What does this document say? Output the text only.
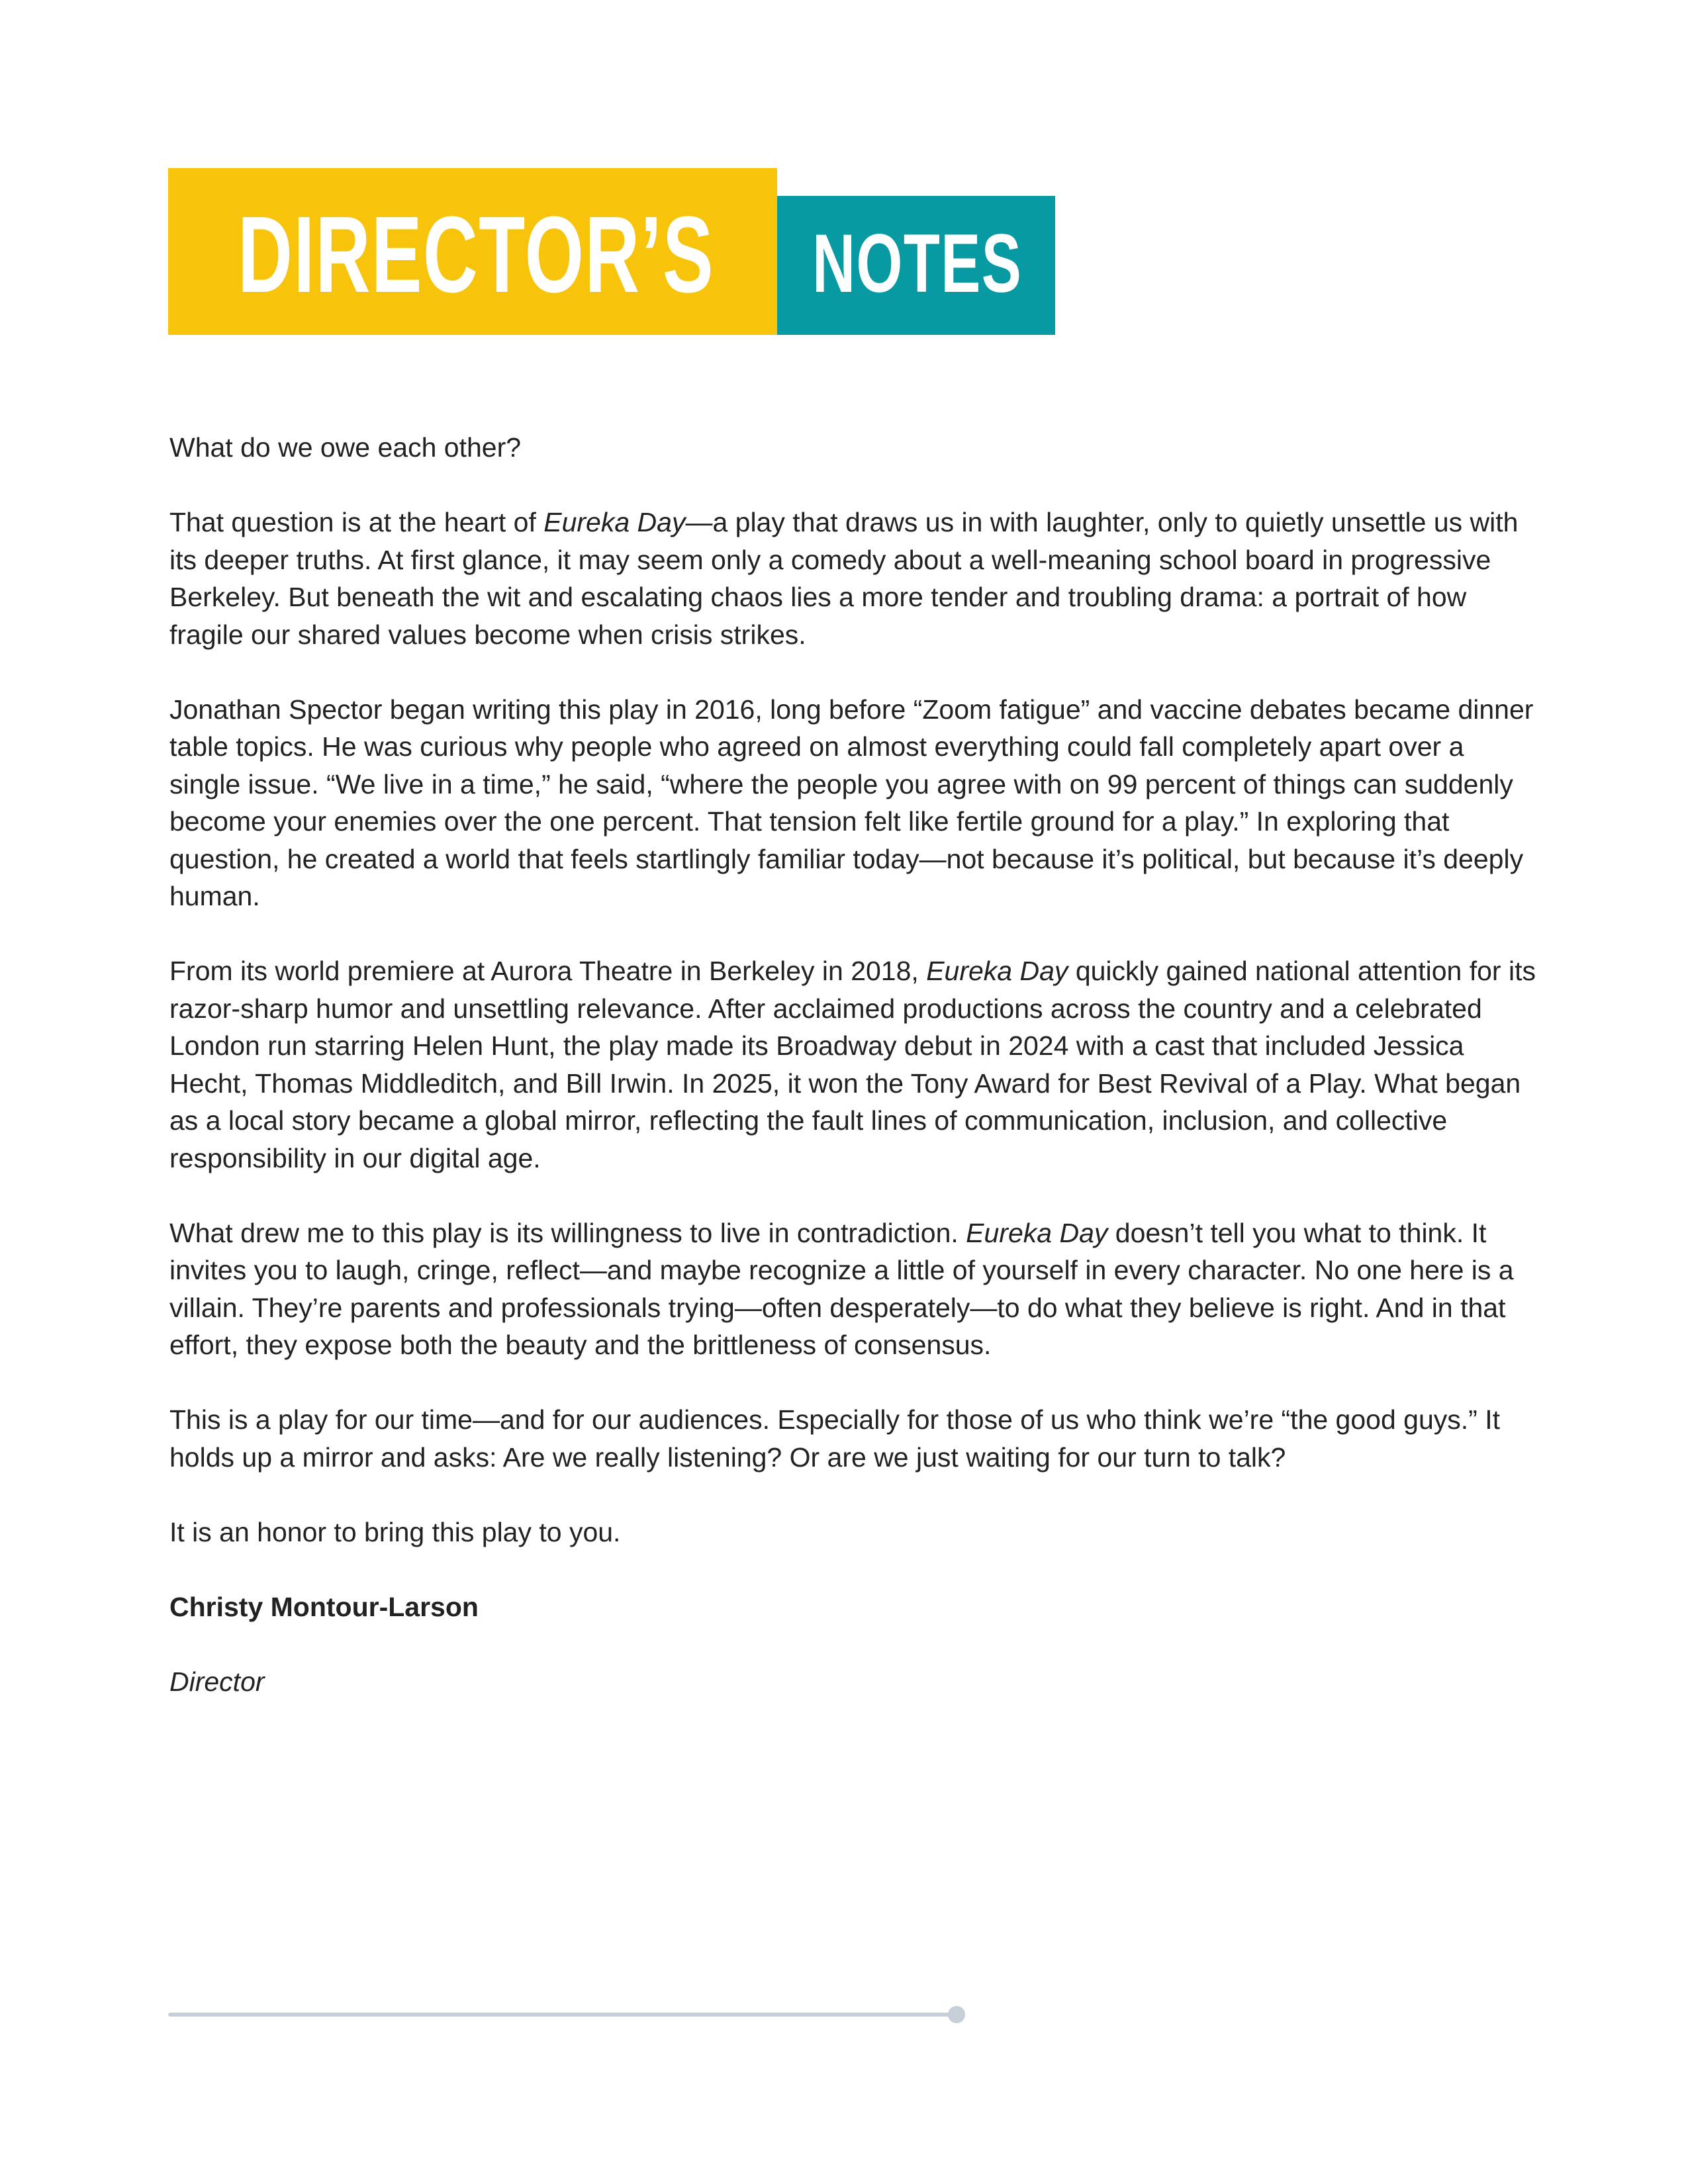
DIRECTOR’S NOTES

What do we owe each other?

That question is at the heart of Eureka Day—a play that draws us in with laughter, only to quietly unsettle us with its deeper truths. At first glance, it may seem only a comedy about a well-meaning school board in progressive Berkeley. But beneath the wit and escalating chaos lies a more tender and troubling drama: a portrait of how fragile our shared values become when crisis strikes.

Jonathan Spector began writing this play in 2016, long before “Zoom fatigue” and vaccine debates became dinner table topics. He was curious why people who agreed on almost everything could fall completely apart over a single issue. “We live in a time,” he said, “where the people you agree with on 99 percent of things can suddenly become your enemies over the one percent. That tension felt like fertile ground for a play.” In exploring that question, he created a world that feels startlingly familiar today—not because it’s political, but because it’s deeply human.

From its world premiere at Aurora Theatre in Berkeley in 2018, Eureka Day quickly gained national attention for its razor-sharp humor and unsettling relevance. After acclaimed productions across the country and a celebrated London run starring Helen Hunt, the play made its Broadway debut in 2024 with a cast that included Jessica Hecht, Thomas Middleditch, and Bill Irwin. In 2025, it won the Tony Award for Best Revival of a Play. What began as a local story became a global mirror, reflecting the fault lines of communication, inclusion, and collective responsibility in our digital age.

What drew me to this play is its willingness to live in contradiction. Eureka Day doesn’t tell you what to think. It invites you to laugh, cringe, reflect—and maybe recognize a little of yourself in every character. No one here is a villain. They’re parents and professionals trying—often desperately—to do what they believe is right. And in that effort, they expose both the beauty and the brittleness of consensus.

This is a play for our time—and for our audiences. Especially for those of us who think we’re “the good guys.” It holds up a mirror and asks: Are we really listening? Or are we just waiting for our turn to talk?

It is an honor to bring this play to you.

Christy Montour-Larson

Director
